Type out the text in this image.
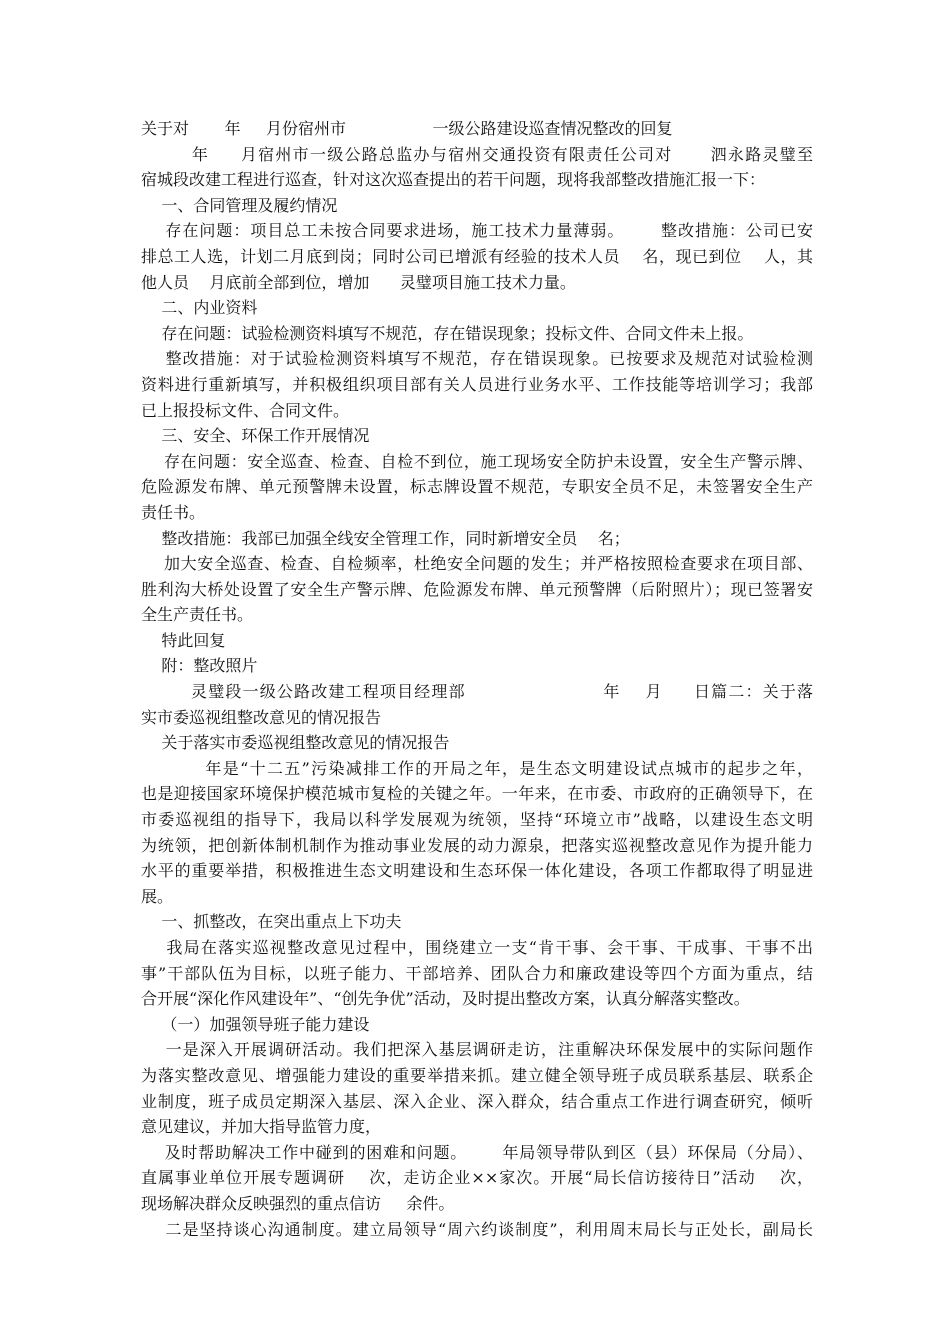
关于对       年     月份宿州市                 一级公路建设巡查情况整改的回复
年     月宿州市一级公路总监办与宿州交通投资有限责任公司对      泗永路灵璧至
宿城段改建工程进行巡查，针对这次巡查提出的若干问题，现将我部整改措施汇报一下：
一、合同管理及履约情况
存在问题：项目总工未按合同要求进场，施工技术力量薄弱。      整改措施：公司已安
排总工人选，计划二月底到岗；同时公司已增派有经验的技术人员    名，现已到位    人，其
他人员    月底前全部到位，增加      灵璧项目施工技术力量。
二、内业资料
存在问题：试验检测资料填写不规范，存在错误现象；投标文件、合同文件未上报。
整改措施：对于试验检测资料填写不规范，存在错误现象。已按要求及规范对试验检测
资料进行重新填写，并积极组织项目部有关人员进行业务水平、工作技能等培训学习；我部
已上报投标文件、合同文件。
三、安全、环保工作开展情况
存在问题：安全巡查、检查、自检不到位，施工现场安全防护未设置，安全生产警示牌、
危险源发布牌、单元预警牌未设置，标志牌设置不规范，专职安全员不足，未签署安全生产
责任书。
整改措施：我部已加强全线安全管理工作，同时新增安全员    名；
加大安全巡查、检查、自检频率，杜绝安全问题的发生；并严格按照检查要求在项目部、
胜利沟大桥处设置了安全生产警示牌、危险源发布牌、单元预警牌（后附照片）；现已签署安
全生产责任书。
特此回复
附：整改照片
灵璧段一级公路改建工程项目经理部                      年    月     日篇二：关于落
实市委巡视组整改意见的情况报告
关于落实市委巡视组整改意见的情况报告
年是“十二五”污染减排工作的开局之年，是生态文明建设试点城市的起步之年，
也是迎接国家环境保护模范城市复检的关键之年。一年来，在市委、市政府的正确领导下，在
市委巡视组的指导下，我局以科学发展观为统领，坚持“环境立市”战略，以建设生态文明
为统领，把创新体制机制作为推动事业发展的动力源泉，把落实巡视整改意见作为提升能力
水平的重要举措，积极推进生态文明建设和生态环保一体化建设，各项工作都取得了明显进
展。
一、抓整改，在突出重点上下功夫
我局在落实巡视整改意见过程中，围绕建立一支“肯干事、会干事、干成事、干事不出
事”干部队伍为目标，以班子能力、干部培养、团队合力和廉政建设等四个方面为重点，结
合开展“深化作风建设年”、“创先争优”活动，及时提出整改方案，认真分解落实整改。
（一）加强领导班子能力建设
一是深入开展调研活动。我们把深入基层调研走访，注重解决环保发展中的实际问题作
为落实整改意见、增强能力建设的重要举措来抓。建立健全领导班子成员联系基层、联系企
业制度，班子成员定期深入基层、深入企业、深入群众，结合重点工作进行调查研究，倾听
意见建议，并加大指导监管力度，
及时帮助解决工作中碰到的困难和问题。      年局领导带队到区（县）环保局（分局）、
直属事业单位开展专题调研    次，走访企业××家次。开展“局长信访接待日”活动    次，
现场解决群众反映强烈的重点信访     余件。
二是坚持谈心沟通制度。建立局领导“周六约谈制度”，利用周末局长与正处长，副局长
